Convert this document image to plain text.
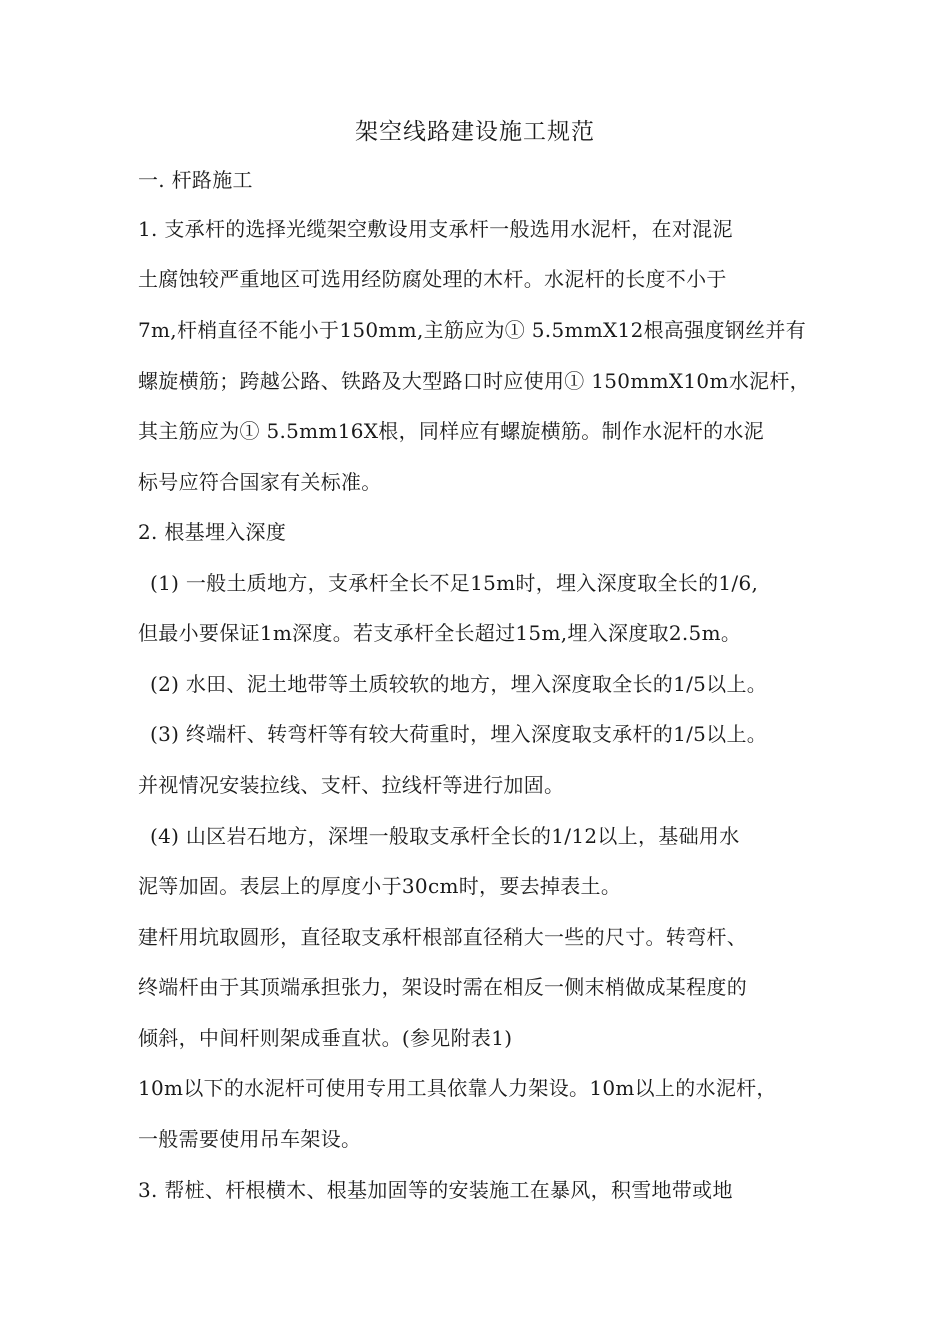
架空线路建设施工规范
一. 杆路施工
1. 支承杆的选择光缆架空敷设用支承杆一般选用水泥杆，在对混泥
土腐蚀较严重地区可选用经防腐处理的木杆。水泥杆的长度不小于
7m,杆梢直径不能小于150mm,主筋应为① 5.5mmX12根高强度钢丝并有
螺旋横筋；跨越公路、铁路及大型路口时应使用① 150mmX10m水泥杆，
其主筋应为① 5.5mm16X根，同样应有螺旋横筋。制作水泥杆的水泥
标号应符合国家有关标准。
2. 根基埋入深度
(1) 一般土质地方，支承杆全长不足15m时，埋入深度取全长的1/6,
但最小要保证1m深度。若支承杆全长超过15m,埋入深度取2.5m。
(2) 水田、泥土地带等土质较软的地方，埋入深度取全长的1/5以上。
(3) 终端杆、转弯杆等有较大荷重时，埋入深度取支承杆的1/5以上。
并视情况安装拉线、支杆、拉线杆等进行加固。
(4) 山区岩石地方，深埋一般取支承杆全长的1/12以上，基础用水
泥等加固。表层上的厚度小于30cm时，要去掉表土。
建杆用坑取圆形，直径取支承杆根部直径稍大一些的尺寸。转弯杆、
终端杆由于其顶端承担张力，架设时需在相反一侧末梢做成某程度的
倾斜，中间杆则架成垂直状。(参见附表1)
10m以下的水泥杆可使用专用工具依靠人力架设。10m以上的水泥杆，
一般需要使用吊车架设。
3. 帮桩、杆根横木、根基加固等的安装施工在暴风，积雪地带或地
